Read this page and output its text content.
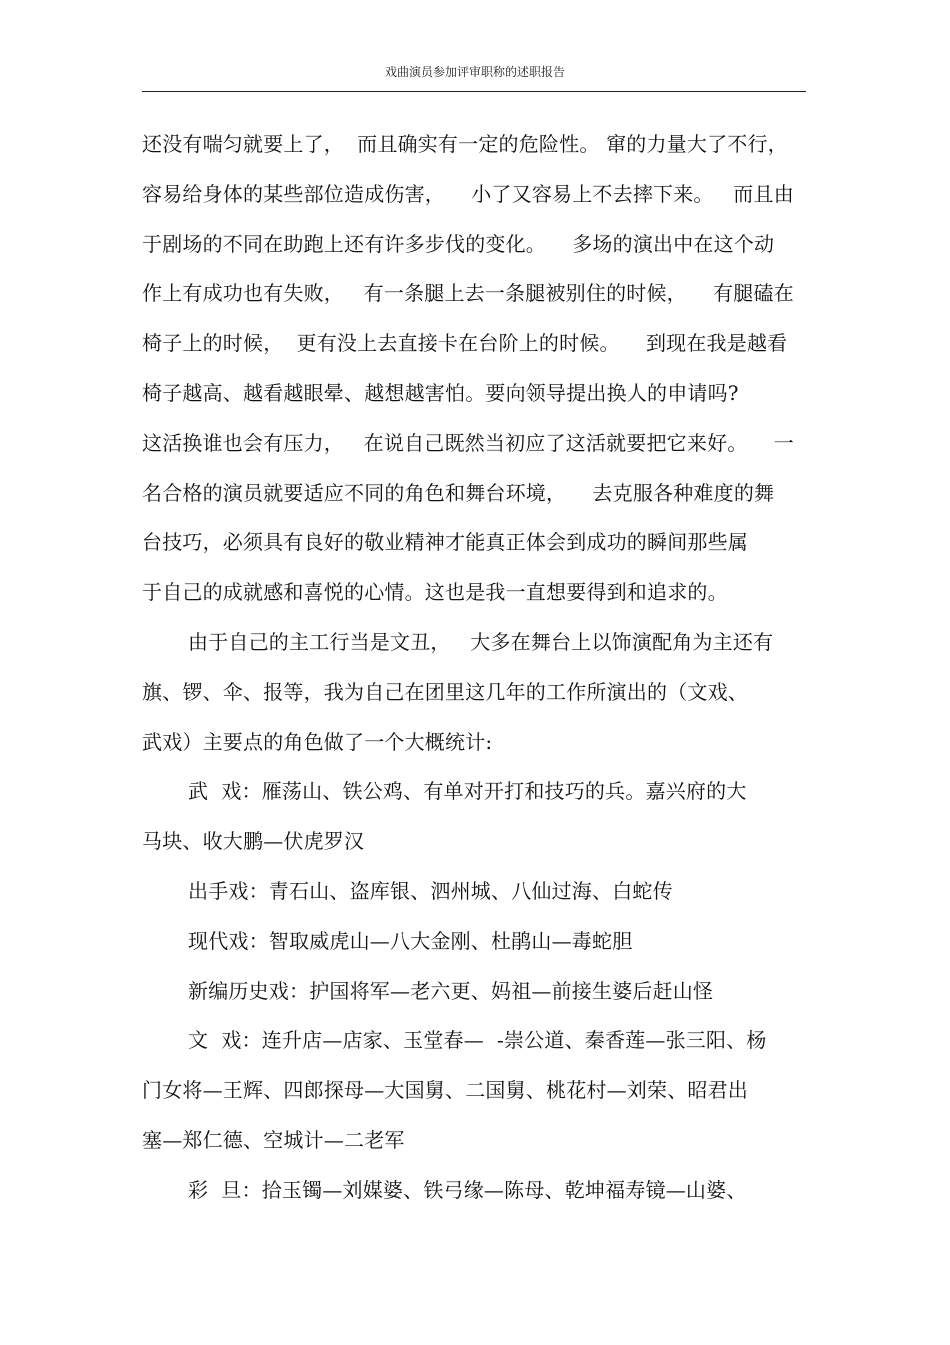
戏曲演员参加评审职称的述职报告
还没有喘匀就要上了，  而且确实有一定的危险性。 窜的力量大了不行，
容易给身体的某些部位造成伤害，    小了又容易上不去摔下来。   而且由
于剧场的不同在助跑上还有许多步伐的变化。    多场的演出中在这个动
作上有成功也有失败，   有一条腿上去一条腿被别住的时候，    有腿磕在
椅子上的时候，  更有没上去直接卡在台阶上的时候。    到现在我是越看
椅子越高、越看越眼晕、越想越害怕。要向领导提出换人的申请吗?
这活换谁也会有压力，   在说自己既然当初应了这活就要把它来好。    一
名合格的演员就要适应不同的角色和舞台环境，    去克服各种难度的舞
台技巧，必须具有良好的敬业精神才能真正体会到成功的瞬间那些属
于自己的成就感和喜悦的心情。这也是我一直想要得到和追求的。
由于自己的主工行当是文丑，   大多在舞台上以饰演配角为主还有
旗、锣、伞、报等，我为自己在团里这几年的工作所演出的（文戏、
武戏）主要点的角色做了一个大概统计:
武  戏：雁荡山、铁公鸡、有单对开打和技巧的兵。嘉兴府的大
马块、收大鹏—伏虎罗汉
出手戏：青石山、盗库银、泗州城、八仙过海、白蛇传
现代戏：智取威虎山—八大金刚、杜鹃山—毒蛇胆
新编历史戏：护国将军—老六更、妈祖—前接生婆后赶山怪
文  戏：连升店—店家、玉堂春—  -崇公道、秦香莲—张三阳、杨
门女将—王辉、四郎探母—大国舅、二国舅、桃花村—刘荣、昭君出
塞—郑仁德、空城计—二老军
彩  旦：拾玉镯—刘媒婆、铁弓缘—陈母、乾坤福寿镜—山婆、
